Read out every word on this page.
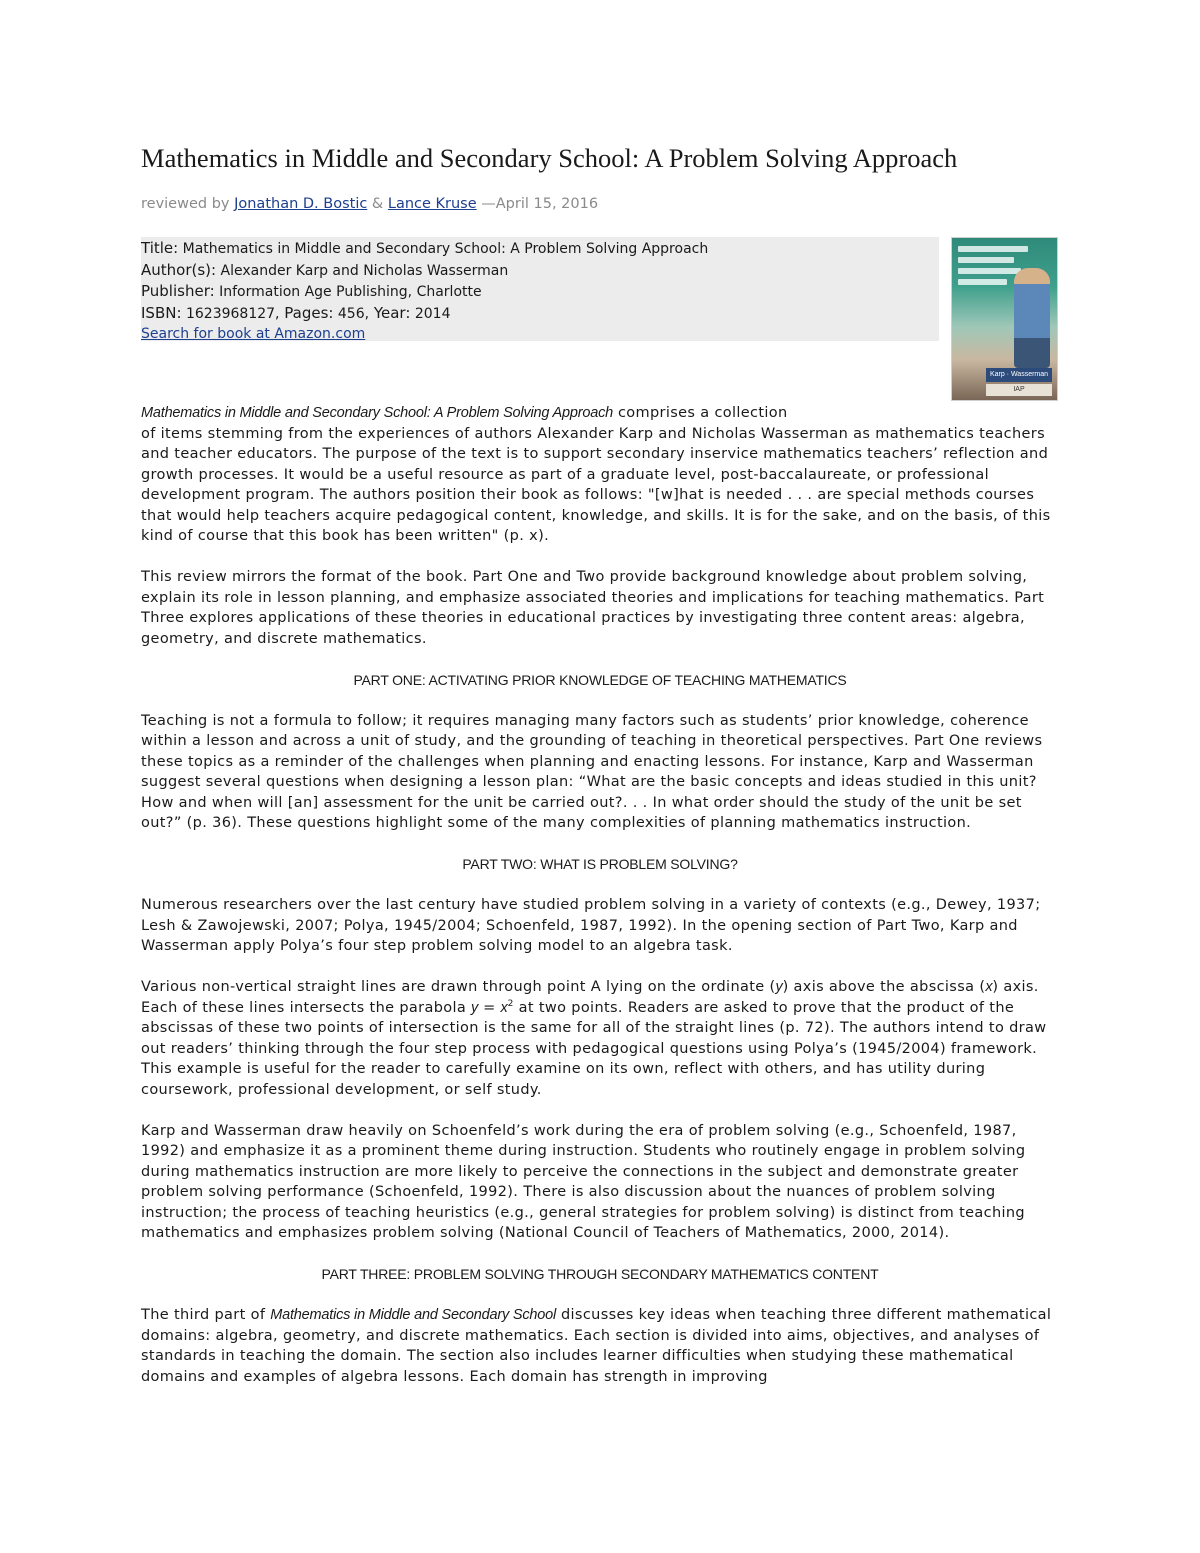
Mathematics in Middle and Secondary School: A Problem Solving Approach
reviewed by Jonathan D. Bostic & Lance Kruse —April 15, 2016
Title: Mathematics in Middle and Secondary School: A Problem Solving Approach
Author(s): Alexander Karp and Nicholas Wasserman
Publisher: Information Age Publishing, Charlotte
ISBN: 1623968127, Pages: 456, Year: 2014
Search for book at Amazon.com
Karp · Wasserman
IAP

Mathematics in Middle and Secondary School: A Problem Solving Approach comprises a collection
of items stemming from the experiences of authors Alexander Karp and Nicholas Wasserman as mathematics teachers and teacher educators. The purpose of the text is to support secondary inservice mathematics teachers’ reflection and growth processes. It would be a useful resource as part of a graduate level, post-baccalaureate, or professional development program. The authors position their book as follows: "[w]hat is needed . . . are special methods courses that would help teachers acquire pedagogical content, knowledge, and skills. It is for the sake, and on the basis, of this kind of course that this book has been written" (p. x).

This review mirrors the format of the book. Part One and Two provide background knowledge about problem solving, explain its role in lesson planning, and emphasize associated theories and implications for teaching mathematics. Part Three explores applications of these theories in educational practices by investigating three content areas: algebra, geometry, and discrete mathematics.

PART ONE: ACTIVATING PRIOR KNOWLEDGE OF TEACHING MATHEMATICS

Teaching is not a formula to follow; it requires managing many factors such as students’ prior knowledge, coherence within a lesson and across a unit of study, and the grounding of teaching in theoretical perspectives. Part One reviews these topics as a reminder of the challenges when planning and enacting lessons. For instance, Karp and Wasserman suggest several questions when designing a lesson plan: “What are the basic concepts and ideas studied in this unit? How and when will [an] assessment for the unit be carried out?. . . In what order should the study of the unit be set out?” (p. 36). These questions highlight some of the many complexities of planning mathematics instruction.

PART TWO: WHAT IS PROBLEM SOLVING?

Numerous researchers over the last century have studied problem solving in a variety of contexts (e.g., Dewey, 1937; Lesh & Zawojewski, 2007; Polya, 1945/2004; Schoenfeld, 1987, 1992). In the opening section of Part Two, Karp and Wasserman apply Polya’s four step problem solving model to an algebra task.

Various non-vertical straight lines are drawn through point A lying on the ordinate (y) axis above the abscissa (x) axis. Each of these lines intersects the parabola $y = x^2$ at two points. Readers are asked to prove that the product of the abscissas of these two points of intersection is the same for all of the straight lines (p. 72). The authors intend to draw out readers’ thinking through the four step process with pedagogical questions using Polya’s (1945/2004) framework. This example is useful for the reader to carefully examine on its own, reflect with others, and has utility during coursework, professional development, or self study.

Karp and Wasserman draw heavily on Schoenfeld’s work during the era of problem solving (e.g., Schoenfeld, 1987, 1992) and emphasize it as a prominent theme during instruction. Students who routinely engage in problem solving during mathematics instruction are more likely to perceive the connections in the subject and demonstrate greater problem solving performance (Schoenfeld, 1992). There is also discussion about the nuances of problem solving instruction; the process of teaching heuristics (e.g., general strategies for problem solving) is distinct from teaching mathematics and emphasizes problem solving (National Council of Teachers of Mathematics, 2000, 2014).

PART THREE: PROBLEM SOLVING THROUGH SECONDARY MATHEMATICS CONTENT

The third part of Mathematics in Middle and Secondary School discusses key ideas when teaching three different mathematical domains: algebra, geometry, and discrete mathematics. Each section is divided into aims, objectives, and analyses of standards in teaching the domain. The section also includes learner difficulties when studying these mathematical domains and examples of algebra lessons. Each domain has strength in improving
